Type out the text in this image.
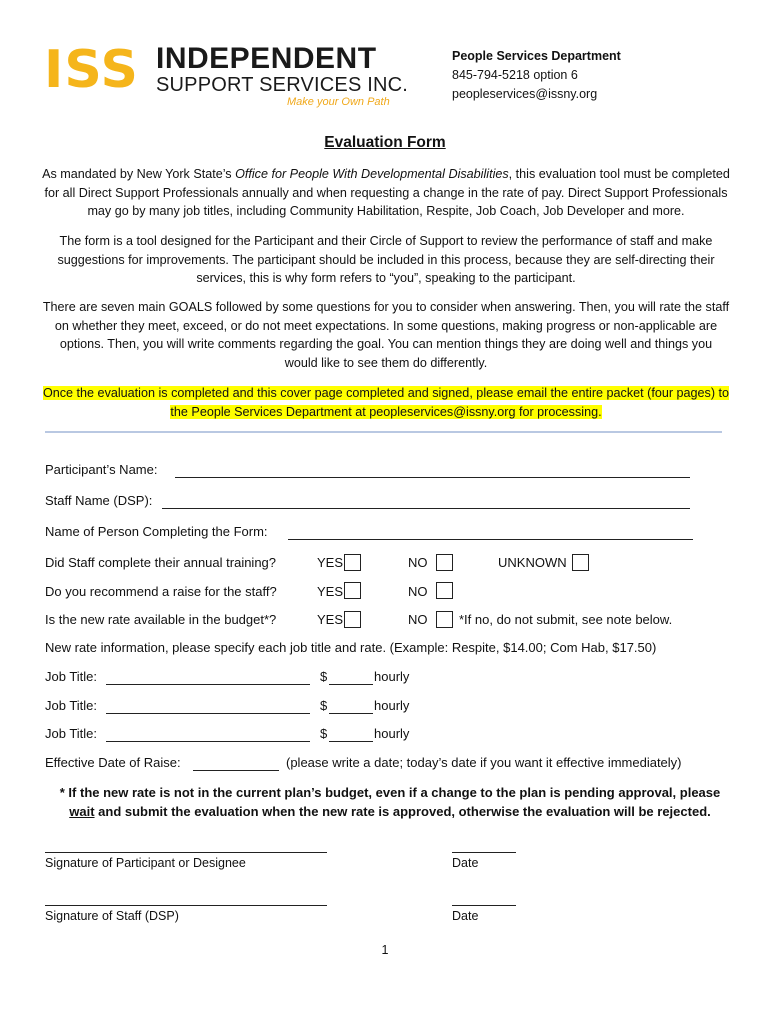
ISS INDEPENDENT
SUPPORT SERVICES INC.
Make your Own Path
People Services Department
845-794-5218 option 6
peopleservices@issny.org
Evaluation Form
As mandated by New York State’s Office for People With Developmental Disabilities, this evaluation tool must be completed for all Direct Support Professionals annually and when requesting a change in the rate of pay. Direct Support Professionals may go by many job titles, including Community Habilitation, Respite, Job Coach, Job Developer and more.
The form is a tool designed for the Participant and their Circle of Support to review the performance of staff and make suggestions for improvements. The participant should be included in this process, because they are self-directing their services, this is why form refers to “you”, speaking to the participant.
There are seven main GOALS followed by some questions for you to consider when answering. Then, you will rate the staff on whether they meet, exceed, or do not meet expectations. In some questions, making progress or non-applicable are options. Then, you will write comments regarding the goal. You can mention things they are doing well and things you would like to see them do differently.
Once the evaluation is completed and this cover page completed and signed, please email the entire packet (four pages) to the People Services Department at peopleservices@issny.org for processing.
Participant’s Name:
Staff Name (DSP):
Name of Person Completing the Form:
Did Staff complete their annual training?	YES	NO	UNKNOWN
Do you recommend a raise for the staff?	YES	NO
Is the new rate available in the budget*?	YES	NO *If no, do not submit, see note below.
New rate information, please specify each job title and rate. (Example: Respite, $14.00; Com Hab, $17.50)
Job Title:	$	hourly
Job Title:	$	hourly
Job Title:	$	hourly
Effective Date of Raise:	(please write a date; today’s date if you want it effective immediately)
* If the new rate is not in the current plan’s budget, even if a change to the plan is pending approval, please
wait and submit the evaluation when the new rate is approved, otherwise the evaluation will be rejected.
Signature of Participant or Designee	Date
Signature of Staff (DSP)	Date
1
